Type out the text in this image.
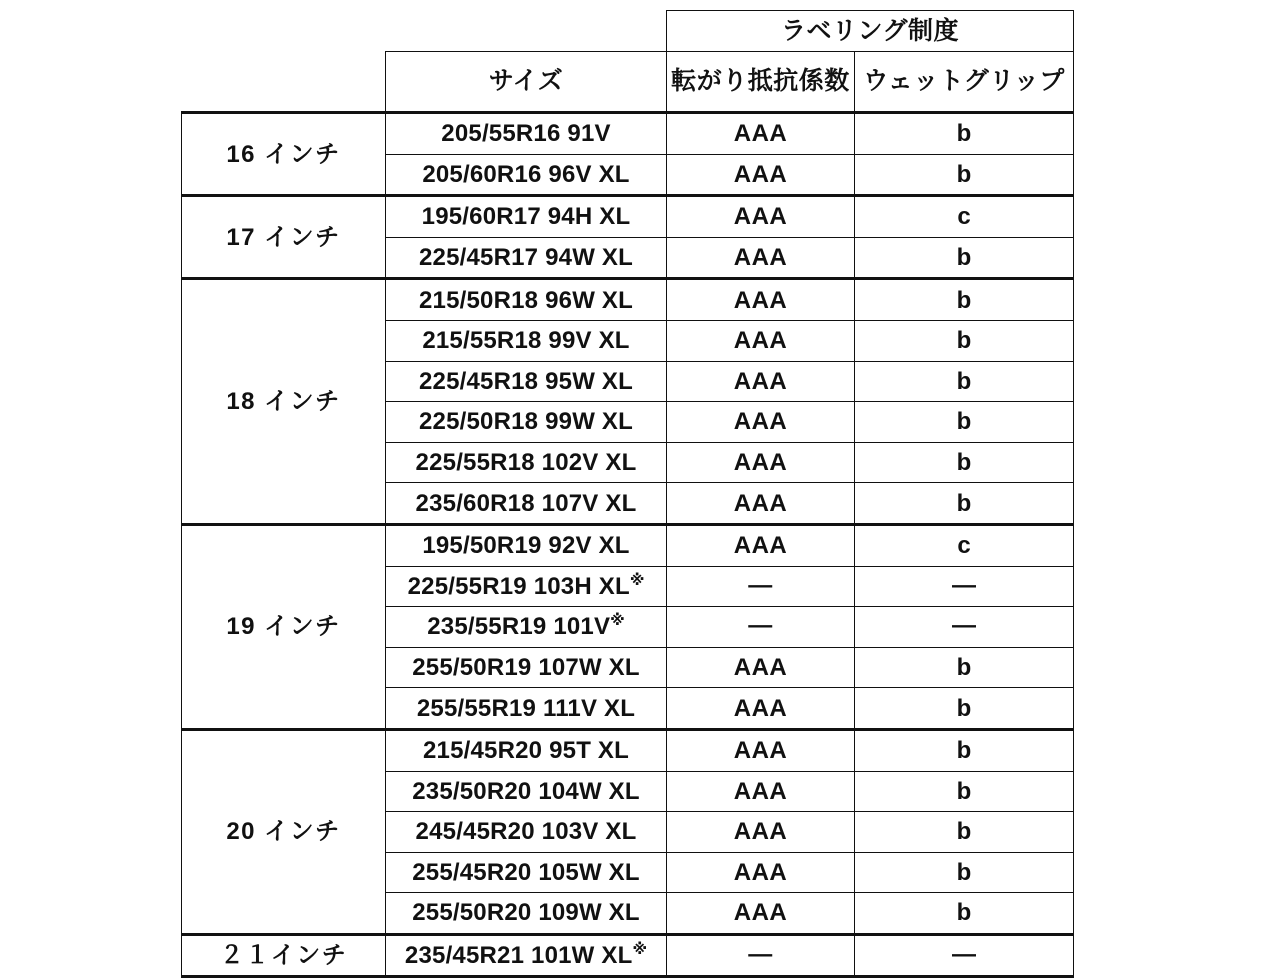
		ラベリング制度	
	サイズ	転がり抵抗係数	ウェットグリップ
16 インチ	205/55R16 91V	AAA	b
	205/60R16 96V XL	AAA	b
17 インチ	195/60R17 94H XL	AAA	c
	225/45R17 94W XL	AAA	b
18 インチ	215/50R18 96W XL	AAA	b
	215/55R18 99V XL	AAA	b
	225/45R18 95W XL	AAA	b
	225/50R18 99W XL	AAA	b
	225/55R18 102V XL	AAA	b
	235/60R18 107V XL	AAA	b
19 インチ	195/50R19 92V XL	AAA	c
	225/55R19 103H XL※	—	—
	235/55R19 101V※	—	—
	255/50R19 107W XL	AAA	b
	255/55R19 111V XL	AAA	b
20 インチ	215/45R20 95T XL	AAA	b
	235/50R20 104W XL	AAA	b
	245/45R20 103V XL	AAA	b
	255/45R20 105W XL	AAA	b
	255/50R20 109W XL	AAA	b
２１インチ	235/45R21 101W XL※	—	—
